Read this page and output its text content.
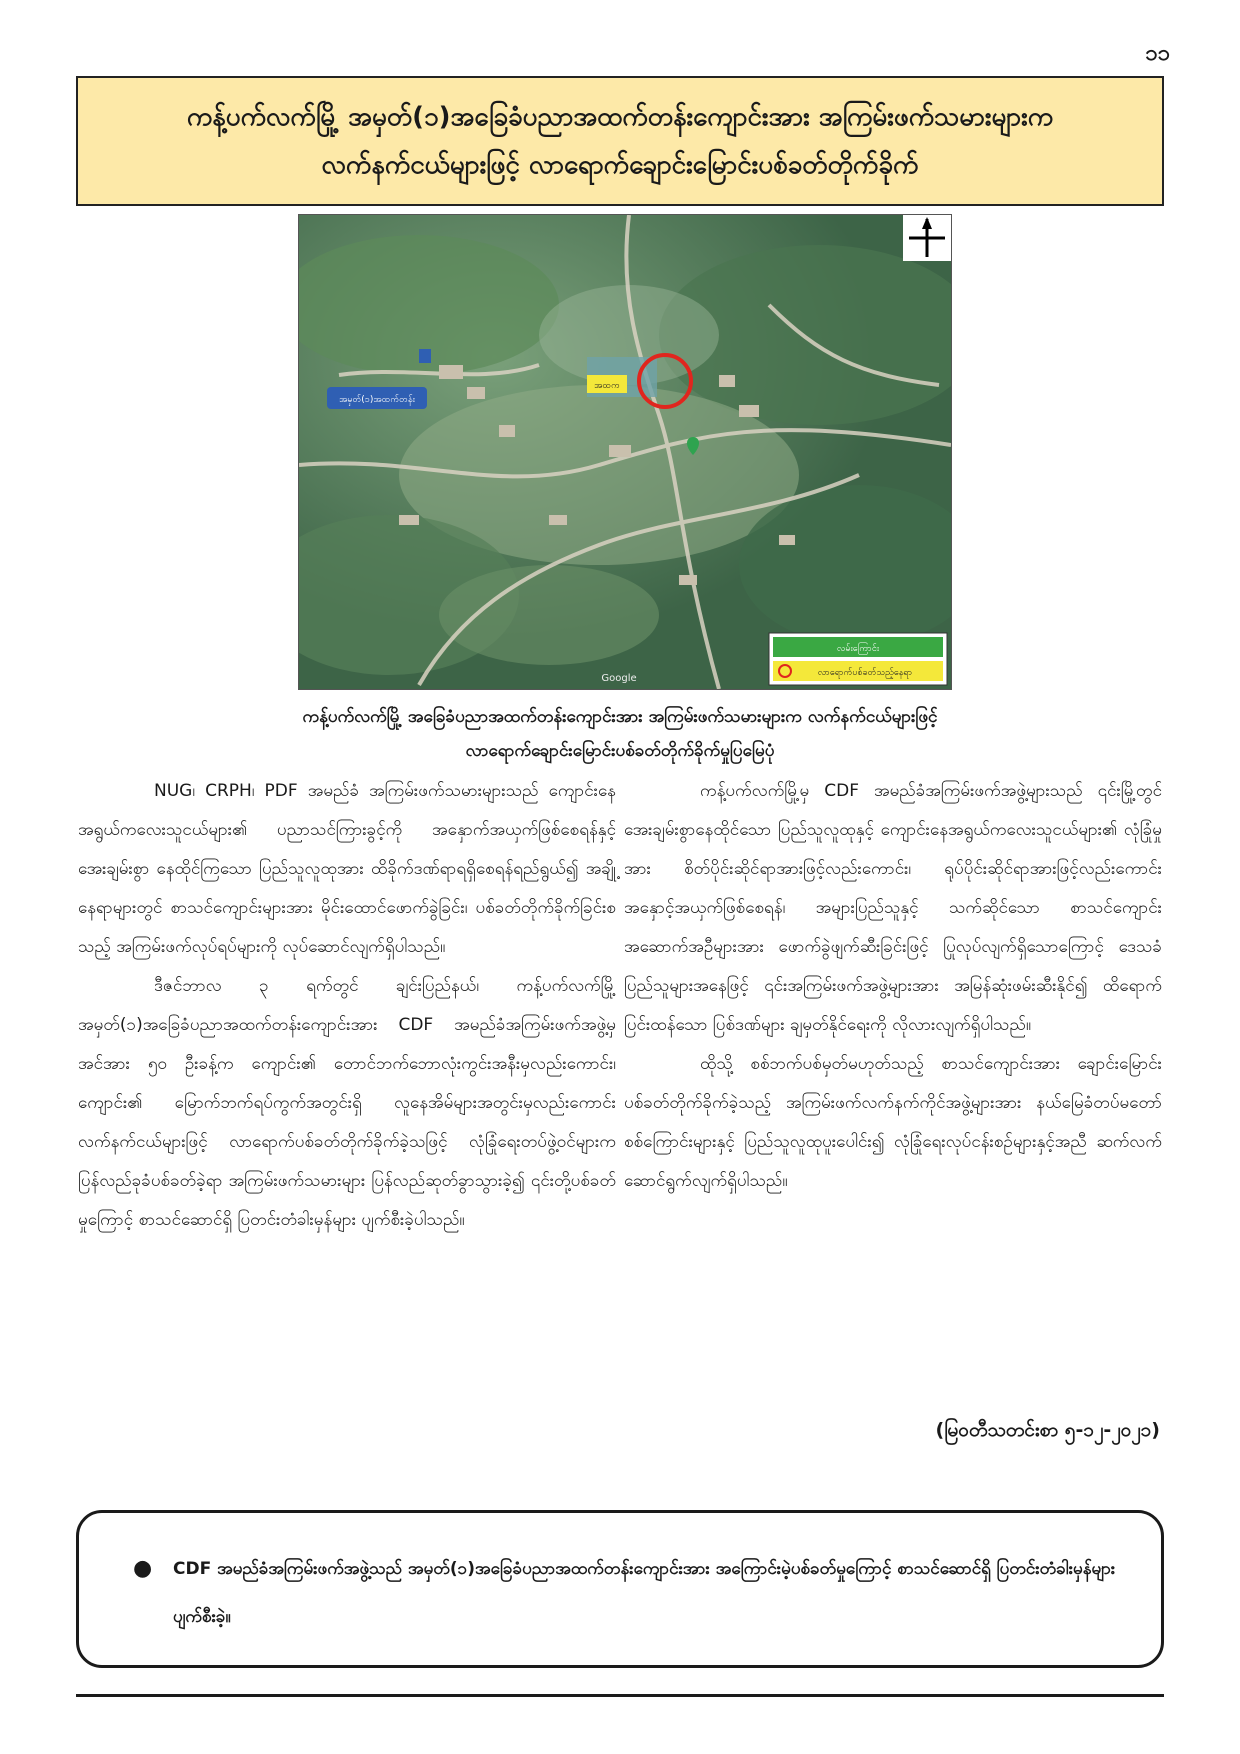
၁၁
ကန့်ပက်လက်မြို့ အမှတ်(၁)အခြေခံပညာအထက်တန်းကျောင်းအား အကြမ်းဖက်သမားများက
လက်နက်ငယ်များဖြင့် လာရောက်ချောင်းမြောင်းပစ်ခတ်တိုက်ခိုက်
အမှတ်(၁)အထက်တန်း
အထက
လမ်းကြောင်း
လာရောက်ပစ်ခတ်သည့်နေရာ
Google
ကန့်ပက်လက်မြို့ အခြေခံပညာအထက်တန်းကျောင်းအား အကြမ်းဖက်သမားများက လက်နက်ငယ်များဖြင့်
လာရောက်ချောင်းမြောင်းပစ်ခတ်တိုက်ခိုက်မှုပြမြေပုံ

NUG၊ CRPH၊ PDF အမည်ခံ အကြမ်းဖက်သမားများသည် ကျောင်းနေအရွယ်ကလေးသူငယ်များ၏ ပညာသင်ကြားခွင့်ကို အနှောက်အယှက်ဖြစ်စေရန်နှင့် အေးချမ်းစွာ နေထိုင်ကြသော ပြည်သူလူထုအား ထိခိုက်ဒဏ်ရာရရှိစေရန်ရည်ရွယ်၍ အချို့နေရာများတွင် စာသင်ကျောင်းများအား မိုင်းထောင်ဖောက်ခွဲခြင်း၊ ပစ်ခတ်တိုက်ခိုက်ခြင်းစသည့် အကြမ်းဖက်လုပ်ရပ်များကို လုပ်ဆောင်လျက်ရှိပါသည်။

ဒီဇင်ဘာလ ၃ ရက်တွင် ချင်းပြည်နယ်၊ ကန့်ပက်လက်မြို့ အမှတ်(၁)အခြေခံပညာအထက်တန်းကျောင်းအား CDF အမည်ခံအကြမ်းဖက်အဖွဲ့မှ အင်အား ၅၀ ဦးခန့်က ကျောင်း၏ တောင်ဘက်ဘောလုံးကွင်းအနီးမှလည်းကောင်း၊ ကျောင်း၏ မြောက်ဘက်ရပ်ကွက်အတွင်းရှိ လူနေအိမ်များအတွင်းမှလည်းကောင်း လက်နက်ငယ်များဖြင့် လာရောက်ပစ်ခတ်တိုက်ခိုက်ခဲ့သဖြင့် လုံခြုံရေးတပ်ဖွဲ့ဝင်များက ပြန်လည်ခုခံပစ်ခတ်ခဲ့ရာ အကြမ်းဖက်သမားများ ပြန်လည်ဆုတ်ခွာသွားခဲ့၍ ၎င်းတို့ပစ်ခတ်မှုကြောင့် စာသင်ဆောင်ရှိ ပြတင်းတံခါးမှန်များ ပျက်စီးခဲ့ပါသည်။

ကန့်ပက်လက်မြို့မှ CDF အမည်ခံအကြမ်းဖက်အဖွဲ့များသည် ၎င်းမြို့တွင် အေးချမ်းစွာနေထိုင်သော ပြည်သူလူထုနှင့် ကျောင်းနေအရွယ်ကလေးသူငယ်များ၏ လုံခြုံမှုအား စိတ်ပိုင်းဆိုင်ရာအားဖြင့်လည်းကောင်း၊ ရုပ်ပိုင်းဆိုင်ရာအားဖြင့်လည်းကောင်း အနှောင့်အယှက်ဖြစ်စေရန်၊ အများပြည်သူနှင့် သက်ဆိုင်သော စာသင်ကျောင်းအဆောက်အဦများအား ဖောက်ခွဲဖျက်ဆီးခြင်းဖြင့် ပြုလုပ်လျက်ရှိသောကြောင့် ဒေသခံပြည်သူများအနေဖြင့် ၎င်းအကြမ်းဖက်အဖွဲ့များအား အမြန်ဆုံးဖမ်းဆီးနိုင်၍ ထိရောက်ပြင်းထန်သော ပြစ်ဒဏ်များ ချမှတ်နိုင်ရေးကို လိုလားလျက်ရှိပါသည်။

ထိုသို့ စစ်ဘက်ပစ်မှတ်မဟုတ်သည့် စာသင်ကျောင်းအား ချောင်းမြောင်းပစ်ခတ်တိုက်ခိုက်ခဲ့သည့် အကြမ်းဖက်လက်နက်ကိုင်အဖွဲ့များအား နယ်မြေခံတပ်မတော်စစ်ကြောင်းများနှင့် ပြည်သူလူထုပူးပေါင်း၍ လုံခြုံရေးလုပ်ငန်းစဉ်များနှင့်အညီ ဆက်လက်ဆောင်ရွက်လျက်ရှိပါသည်။

(မြဝတီသတင်းစာ ၅-၁၂-၂၀၂၁)
●	CDF အမည်ခံအကြမ်းဖက်အဖွဲ့သည် အမှတ်(၁)အခြေခံပညာအထက်တန်းကျောင်းအား အကြောင်းမဲ့ပစ်ခတ်မှုကြောင့် စာသင်ဆောင်ရှိ ပြတင်းတံခါးမှန်များ ပျက်စီးခဲ့။
